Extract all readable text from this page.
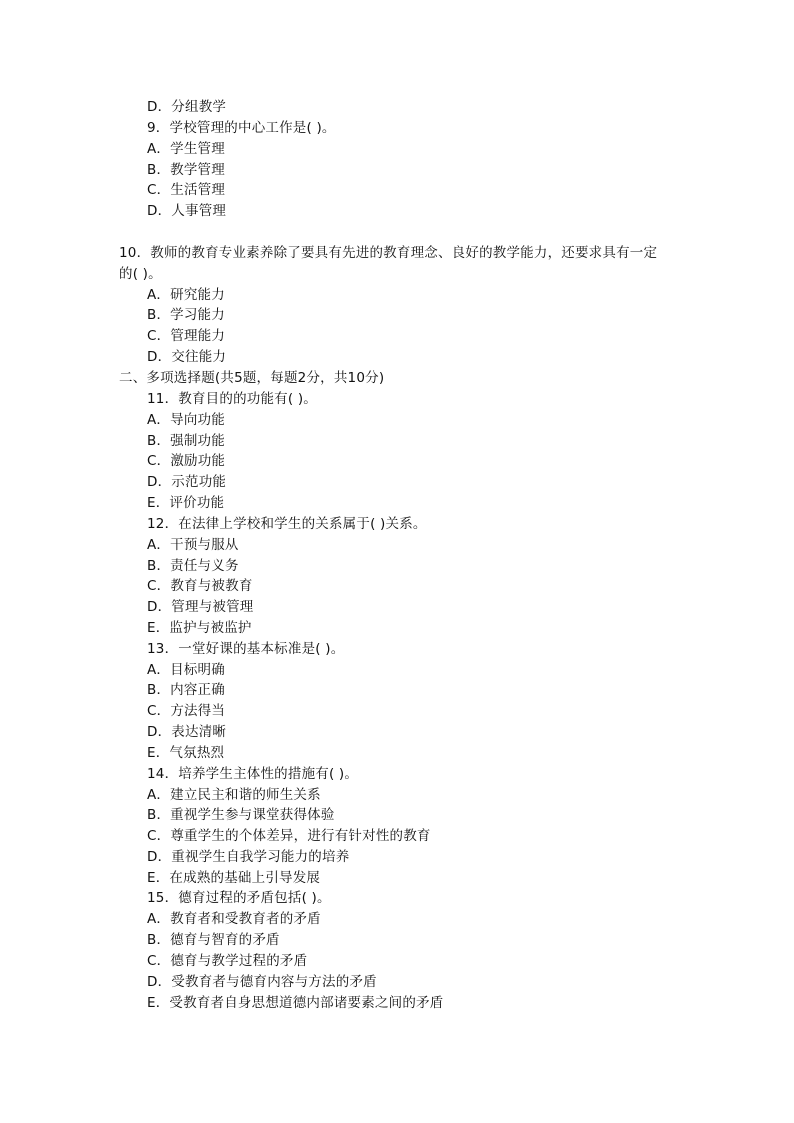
D．分组教学
9．学校管理的中心工作是( )。
A．学生管理
B．教学管理
C．生活管理
D．人事管理
10．教师的教育专业素养除了要具有先进的教育理念、良好的教学能力，还要求具有一定
的( )。
A．研究能力
B．学习能力
C．管理能力
D．交往能力
二、多项选择题(共5题，每题2分，共10分)
11．教育目的的功能有( )。
A．导向功能
B．强制功能
C．激励功能
D．示范功能
E．评价功能
12．在法律上学校和学生的关系属于( )关系。
A．干预与服从
B．责任与义务
C．教育与被教育
D．管理与被管理
E．监护与被监护
13．一堂好课的基本标准是( )。
A．目标明确
B．内容正确
C．方法得当
D．表达清晰
E．气氛热烈
14．培养学生主体性的措施有( )。
A．建立民主和谐的师生关系
B．重视学生参与课堂获得体验
C．尊重学生的个体差异，进行有针对性的教育
D．重视学生自我学习能力的培养
E．在成熟的基础上引导发展
15．德育过程的矛盾包括( )。
A．教育者和受教育者的矛盾
B．德育与智育的矛盾
C．德育与教学过程的矛盾
D．受教育者与德育内容与方法的矛盾
E．受教育者自身思想道德内部诸要素之间的矛盾
